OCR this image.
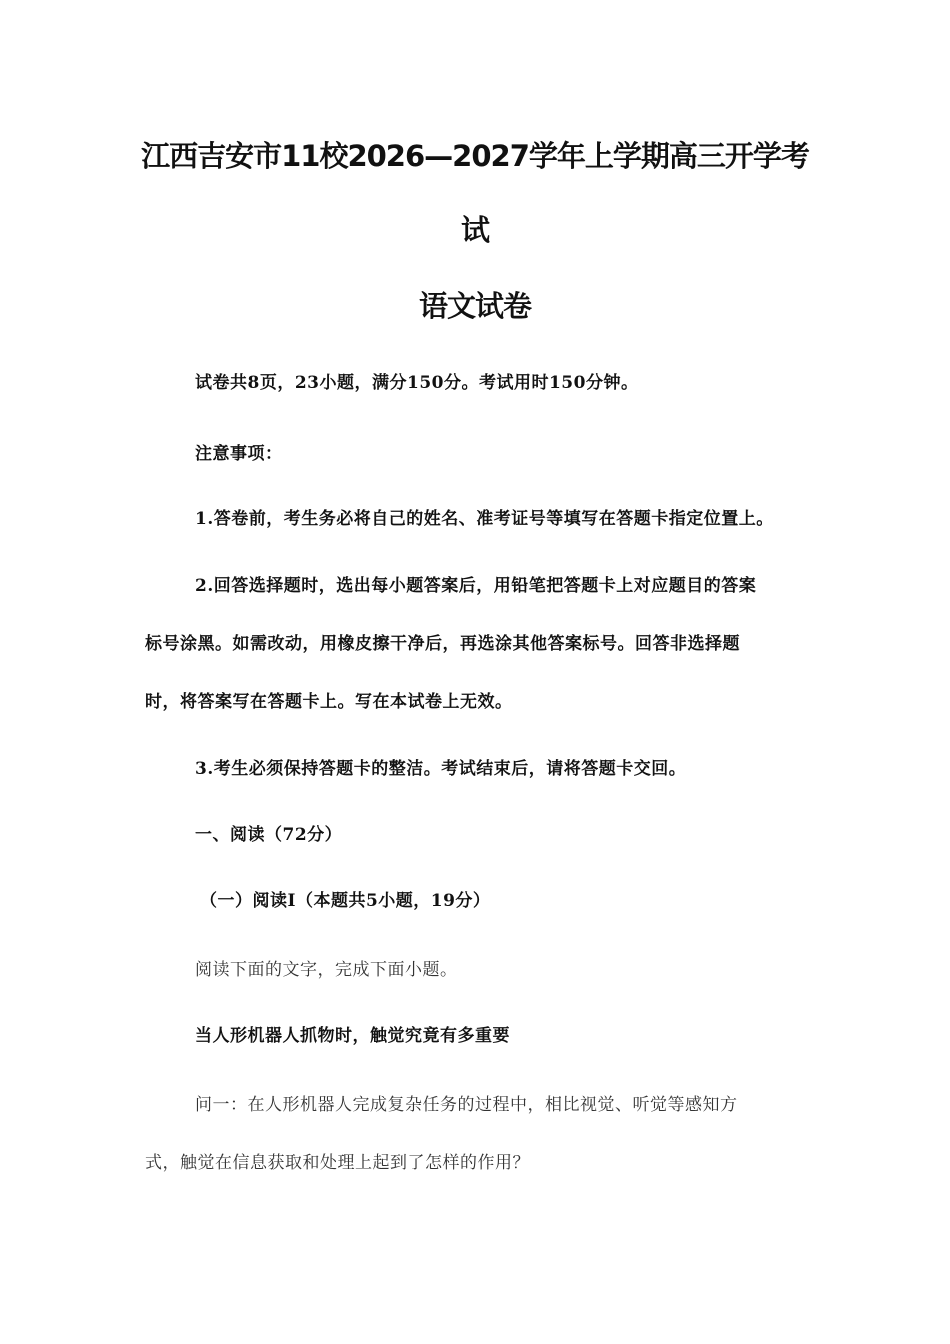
江西吉安市11校2026—2027学年上学期高三开学考
试
语文试卷

试卷共8页，23小题，满分150分。考试用时150分钟。

注意事项：

1.答卷前，考生务必将自己的姓名、准考证号等填写在答题卡指定位置上。

2.回答选择题时，选出每小题答案后，用铅笔把答题卡上对应题目的答案

标号涂黑。如需改动，用橡皮擦干净后，再选涂其他答案标号。回答非选择题

时，将答案写在答题卡上。写在本试卷上无效。

3.考生必须保持答题卡的整洁。考试结束后，请将答题卡交回。

一、阅读（72分）

（一）阅读Ⅰ（本题共5小题，19分）

阅读下面的文字，完成下面小题。

当人形机器人抓物时，触觉究竟有多重要

问一：在人形机器人完成复杂任务的过程中，相比视觉、听觉等感知方

式，触觉在信息获取和处理上起到了怎样的作用？
